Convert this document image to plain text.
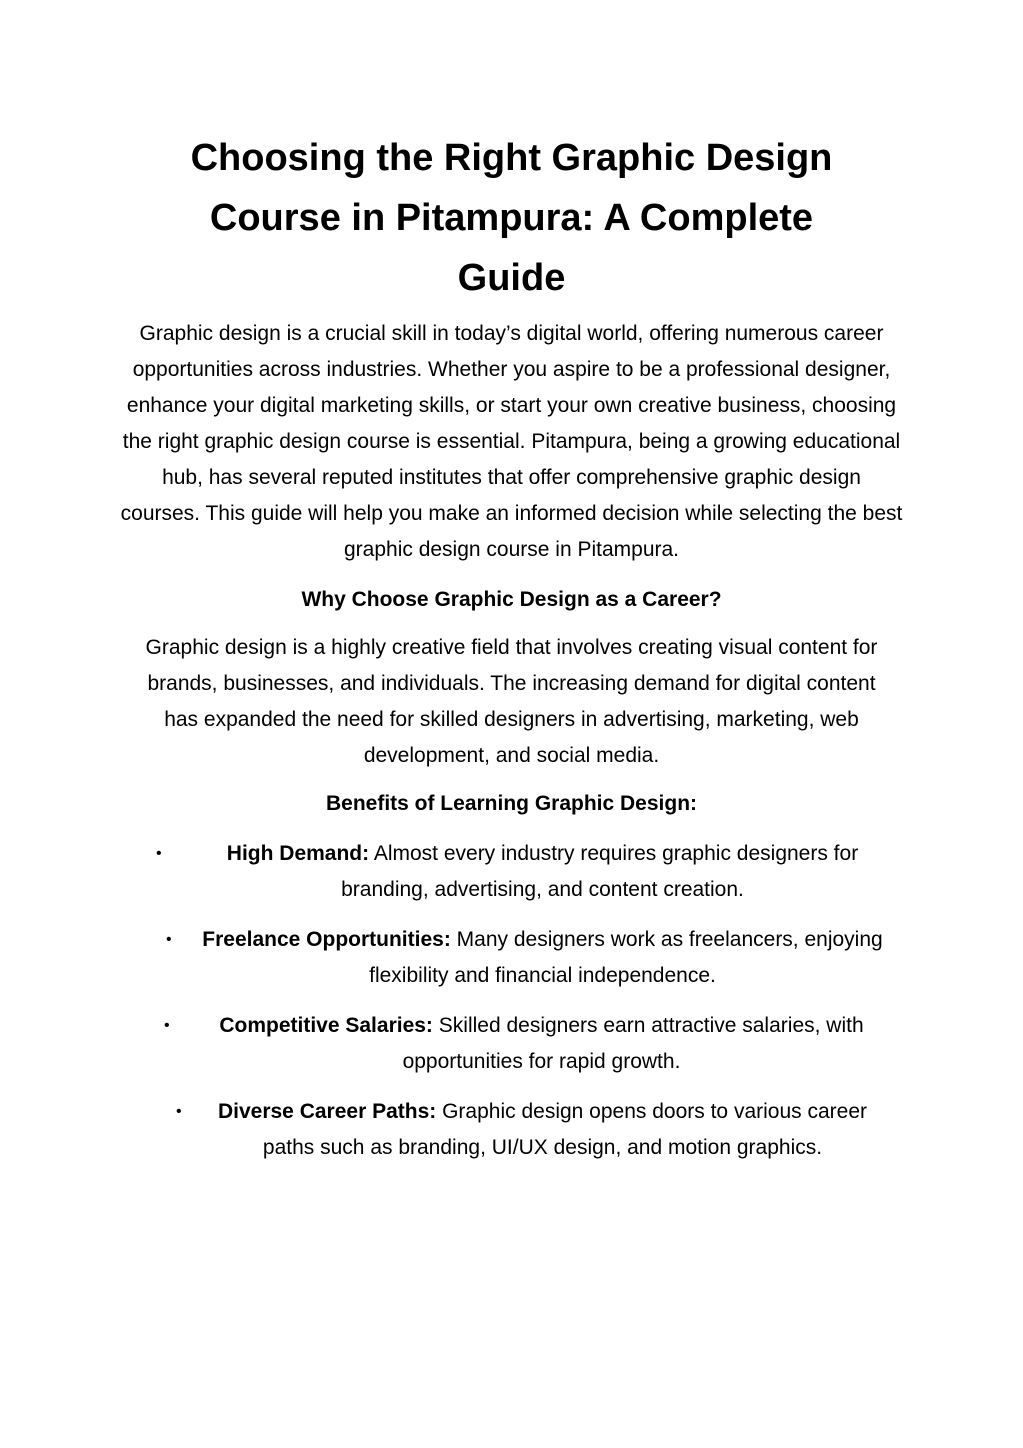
Choosing the Right Graphic Design Course in Pitampura: A Complete Guide

Graphic design is a crucial skill in today’s digital world, offering numerous career opportunities across industries. Whether you aspire to be a professional designer, enhance your digital marketing skills, or start your own creative business, choosing the right graphic design course is essential. Pitampura, being a growing educational hub, has several reputed institutes that offer comprehensive graphic design courses. This guide will help you make an informed decision while selecting the best graphic design course in Pitampura.

Why Choose Graphic Design as a Career?

Graphic design is a highly creative field that involves creating visual content for brands, businesses, and individuals. The increasing demand for digital content has expanded the need for skilled designers in advertising, marketing, web development, and social media.

Benefits of Learning Graphic Design:
•	High Demand: Almost every industry requires graphic designers for branding, advertising, and content creation.
•	Freelance Opportunities: Many designers work as freelancers, enjoying flexibility and financial independence.
•	Competitive Salaries: Skilled designers earn attractive salaries, with opportunities for rapid growth.
•	Diverse Career Paths: Graphic design opens doors to various career paths such as branding, UI/UX design, and motion graphics.
